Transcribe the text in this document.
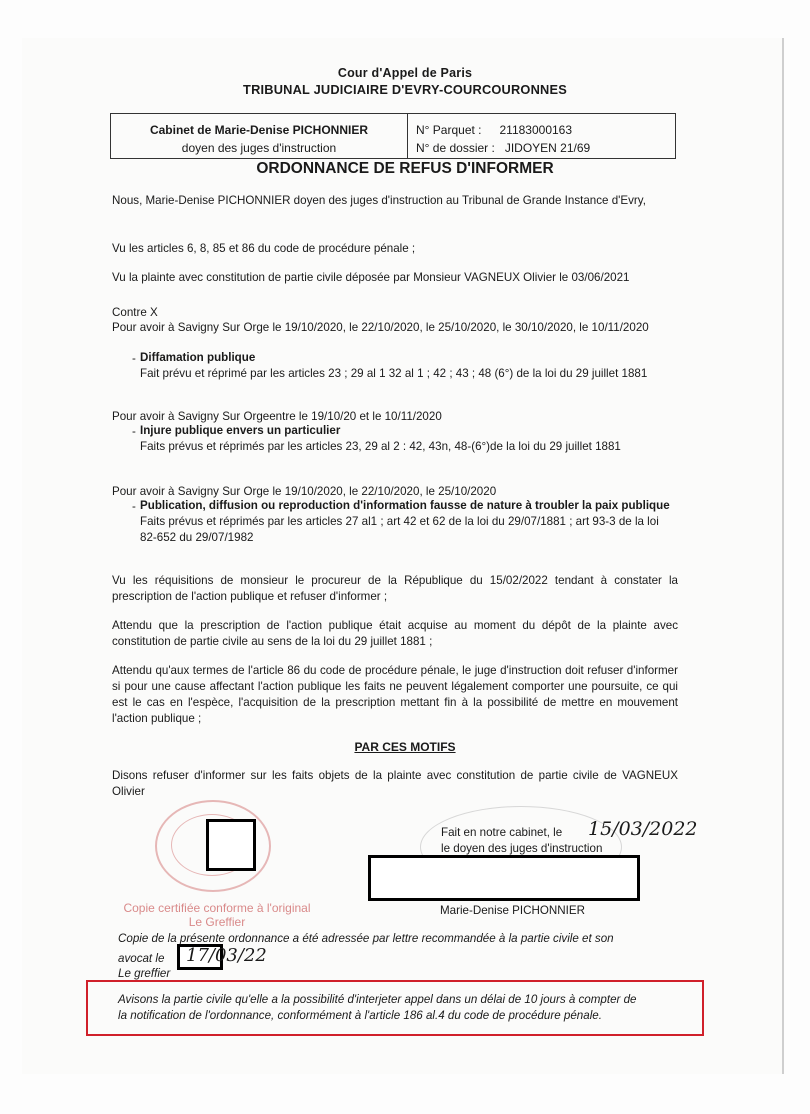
Cour d'Appel de Paris
TRIBUNAL JUDICIAIRE D'EVRY-COURCOURONNES
Cabinet de Marie-Denise PICHONNIER
doyen des juges d'instruction
N° Parquet : 21183000163
N° de dossier : JIDOYEN 21/69
ORDONNANCE DE REFUS D'INFORMER
Nous, Marie-Denise PICHONNIER doyen des juges d'instruction au Tribunal de Grande Instance d'Evry,
Vu les articles 6, 8, 85 et 86 du code de procédure pénale ;
Vu la plainte avec constitution de partie civile déposée par Monsieur VAGNEUX Olivier le 03/06/2021
Contre X
Pour avoir à Savigny Sur Orge le 19/10/2020, le 22/10/2020, le 25/10/2020, le 30/10/2020, le 10/11/2020
- Diffamation publique
Fait prévu et réprimé par les articles 23 ; 29 al 1 32 al 1 ; 42 ; 43 ; 48 (6°) de la loi du 29 juillet 1881
Pour avoir à Savigny Sur Orgeentre le 19/10/20 et le 10/11/2020
- Injure publique envers un particulier
Faits prévus et réprimés par les articles 23, 29 al 2 : 42, 43n, 48-(6°)de la loi du 29 juillet 1881
Pour avoir à Savigny Sur Orge le 19/10/2020, le 22/10/2020, le 25/10/2020
- Publication, diffusion ou reproduction d'information fausse de nature à troubler la paix publique
Faits prévus et réprimés par les articles 27 al1 ; art 42 et 62 de la loi du 29/07/1881 ; art 93-3 de la loi 82-652 du 29/07/1982
Vu les réquisitions de monsieur le procureur de la République du 15/02/2022 tendant à constater la prescription de l'action publique et refuser d'informer ;
Attendu que la prescription de l'action publique était acquise au moment du dépôt de la plainte avec constitution de partie civile au sens de la loi du 29 juillet 1881 ;
Attendu qu'aux termes de l'article 86 du code de procédure pénale, le juge d'instruction doit refuser d'informer si pour une cause affectant l'action publique les faits ne peuvent légalement comporter une poursuite, ce qui est le cas en l'espèce, l'acquisition de la prescription mettant fin à la possibilité de mettre en mouvement l'action publique ;
PAR CES MOTIFS
Disons refuser d'informer sur les faits objets de la plainte avec constitution de partie civile de VAGNEUX Olivier
Fait en notre cabinet, le 15/03/2022
le doyen des juges d'instruction
Marie-Denise PICHONNIER
Copie certifiée conforme à l'original
Le Greffier
Copie de la présente ordonnance a été adressée par lettre recommandée à la partie civile et son
avocat le 17/03/22
Le greffier
Avisons la partie civile qu'elle a la possibilité d'interjeter appel dans un délai de 10 jours à compter de
la notification de l'ordonnance, conformément à l'article 186 al.4 du code de procédure pénale.
